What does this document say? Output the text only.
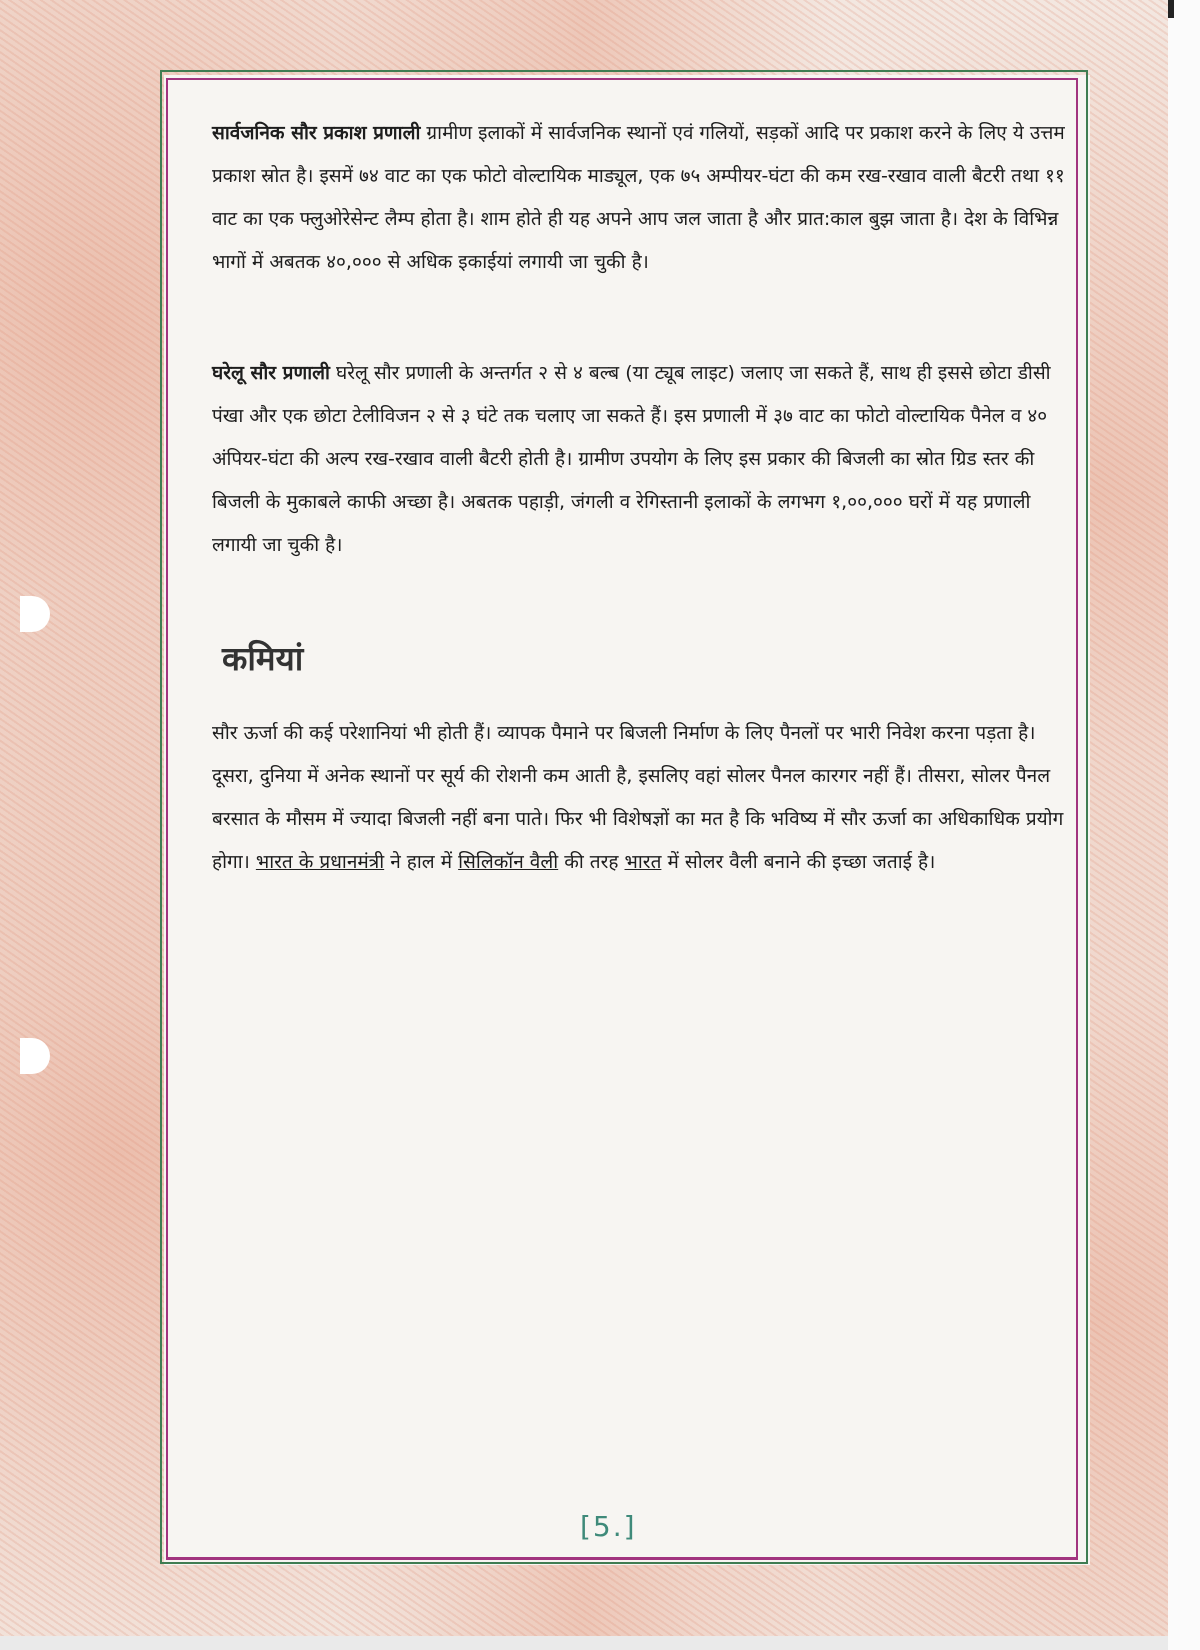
सार्वजनिक सौर प्रकाश प्रणाली ग्रामीण इलाकों में सार्वजनिक स्थानों एवं गलियों, सड़कों आदि पर प्रकाश करने के लिए ये उत्तम प्रकाश स्रोत है। इसमें ७४ वाट का एक फोटो वोल्टायिक माड्यूल, एक ७५ अम्पीयर-घंटा की कम रख-रखाव वाली बैटरी तथा ११ वाट का एक फ्लुओरेसेन्ट लैम्प होता है। शाम होते ही यह अपने आप जल जाता है और प्रात:काल बुझ जाता है। देश के विभिन्न भागों में अबतक ४०,००० से अधिक इकाईयां लगायी जा चुकी है।

घरेलू सौर प्रणाली घरेलू सौर प्रणाली के अन्तर्गत २ से ४ बल्ब (या ट्यूब लाइट) जलाए जा सकते हैं, साथ ही इससे छोटा डीसी पंखा और एक छोटा टेलीविजन २ से ३ घंटे तक चलाए जा सकते हैं। इस प्रणाली में ३७ वाट का फोटो वोल्टायिक पैनेल व ४० अंपियर-घंटा की अल्प रख-रखाव वाली बैटरी होती है। ग्रामीण उपयोग के लिए इस प्रकार की बिजली का स्रोत ग्रिड स्तर की बिजली के मुकाबले काफी अच्छा है। अबतक पहाड़ी, जंगली व रेगिस्तानी इलाकों के लगभग १,००,००० घरों में यह प्रणाली लगायी जा चुकी है।

कमियां

सौर ऊर्जा की कई परेशानियां भी होती हैं। व्यापक पैमाने पर बिजली निर्माण के लिए पैनलों पर भारी निवेश करना पड़ता है। दूसरा, दुनिया में अनेक स्थानों पर सूर्य की रोशनी कम आती है, इसलिए वहां सोलर पैनल कारगर नहीं हैं। तीसरा, सोलर पैनल बरसात के मौसम में ज्यादा बिजली नहीं बना पाते। फिर भी विशेषज्ञों का मत है कि भविष्य में सौर ऊर्जा का अधिकाधिक प्रयोग होगा। भारत के प्रधानमंत्री ने हाल में सिलिकॉन वैली की तरह भारत में सोलर वैली बनाने की इच्छा जताई है।

[5.]
